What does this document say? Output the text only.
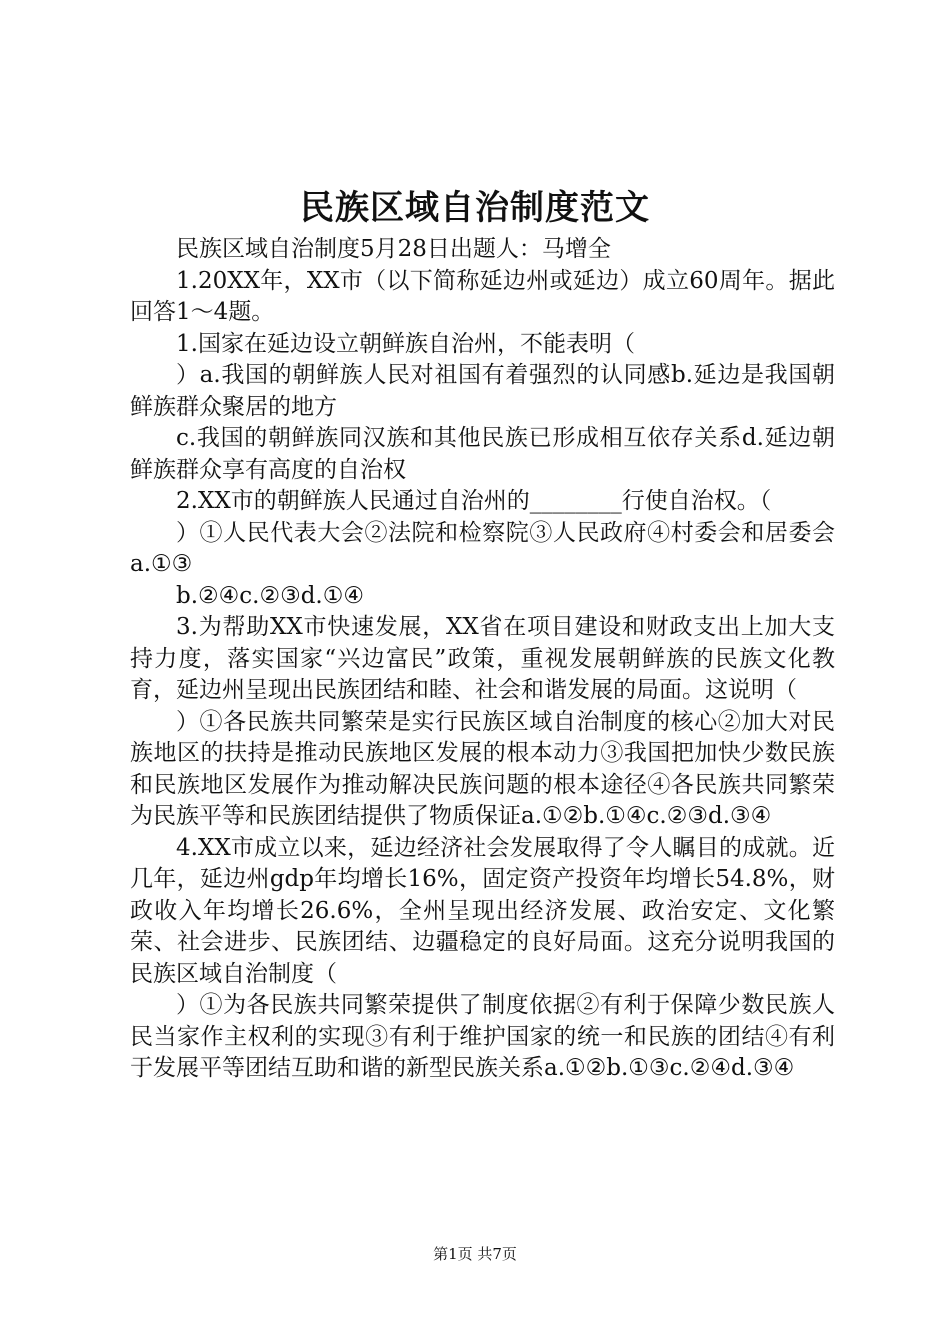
民族区域自治制度范文

民族区域自治制度5月28日出题人：马增全

1.20XX年，XX市（以下简称延边州或延边）成立60周年。据此回答1～4题。

1.国家在延边设立朝鲜族自治州，不能表明（

）a.我国的朝鲜族人民对祖国有着强烈的认同感b.延边是我国朝鲜族群众聚居的地方

c.我国的朝鲜族同汉族和其他民族已形成相互依存关系d.延边朝鲜族群众享有高度的自治权

2.XX市的朝鲜族人民通过自治州的________行使自治权。（

）①人民代表大会②法院和检察院③人民政府④村委会和居委会a.①③

b.②④c.②③d.①④

3.为帮助XX市快速发展，XX省在项目建设和财政支出上加大支持力度，落实国家“兴边富民”政策，重视发展朝鲜族的民族文化教育，延边州呈现出民族团结和睦、社会和谐发展的局面。这说明（

）①各民族共同繁荣是实行民族区域自治制度的核心②加大对民族地区的扶持是推动民族地区发展的根本动力③我国把加快少数民族和民族地区发展作为推动解决民族问题的根本途径④各民族共同繁荣为民族平等和民族团结提供了物质保证a.①②b.①④c.②③d.③④

4.XX市成立以来，延边经济社会发展取得了令人瞩目的成就。近几年，延边州gdp年均增长16%，固定资产投资年均增长54.8%，财政收入年均增长26.6%，全州呈现出经济发展、政治安定、文化繁荣、社会进步、民族团结、边疆稳定的良好局面。这充分说明我国的民族区域自治制度（

）①为各民族共同繁荣提供了制度依据②有利于保障少数民族人民当家作主权利的实现③有利于维护国家的统一和民族的团结④有利于发展平等团结互助和谐的新型民族关系a.①②b.①③c.②④d.③④

第1页 共7页
